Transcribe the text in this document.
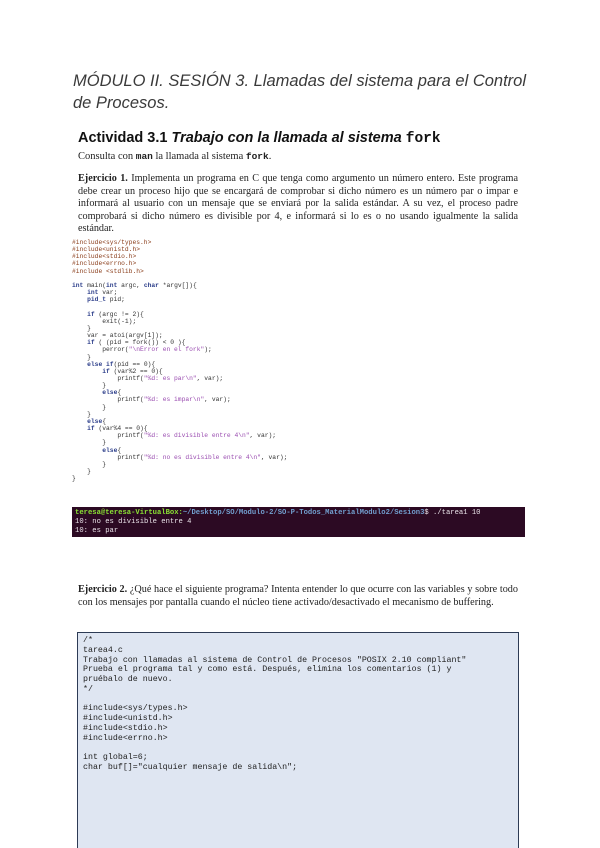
MÓDULO II. SESIÓN 3. Llamadas del sistema para el Control de Procesos.
Actividad 3.1 Trabajo con la llamada al sistema fork
Consulta con man la llamada al sistema fork.
Ejercicio 1. Implementa un programa en C que tenga como argumento un número entero. Este programa debe crear un proceso hijo que se encargará de comprobar si dicho número es un número par o impar e informará al usuario con un mensaje que se enviará por la salida estándar. A su vez, el proceso padre comprobará si dicho número es divisible por 4, e informará si lo es o no usando igualmente la salida estándar.
#include<sys/types.h>
#include<unistd.h>
#include<stdio.h>
#include<errno.h>
#include <stdlib.h>

int main(int argc, char *argv[]){
int var;
pid_t pid;

if (argc != 2){
exit(-1);
}
var = atoi(argv[1]);
if ( (pid = fork()) < 0 ){
perror("\nError en el fork");
}
else if(pid == 0){
if (var%2 == 0){
printf("%d: es par\n", var);
}
else{
printf("%d: es impar\n", var);
}
}
else{
if (var%4 == 0){
printf("%d: es divisible entre 4\n", var);
}
else{
printf("%d: no es divisible entre 4\n", var);
}
}
}
teresa@teresa-VirtualBox:~/Desktop/SO/Modulo-2/SO-P-Todos_MaterialModulo2/Sesion3$ ./tarea1 10
10: no es divisible entre 4
10: es par
Ejercicio 2. ¿Qué hace el siguiente programa? Intenta entender lo que ocurre con las variables y sobre todo con los mensajes por pantalla cuando el núcleo tiene activado/desactivado el mecanismo de buffering.
/*
tarea4.c
Trabajo con llamadas al sistema de Control de Procesos "POSIX 2.10 compliant"
Prueba el programa tal y como está. Después, elimina los comentarios (1) y
pruébalo de nuevo.
*/

#include<sys/types.h>
#include<unistd.h>
#include<stdio.h>
#include<errno.h>

int global=6;
char buf[]="cualquier mensaje de salida\n";
